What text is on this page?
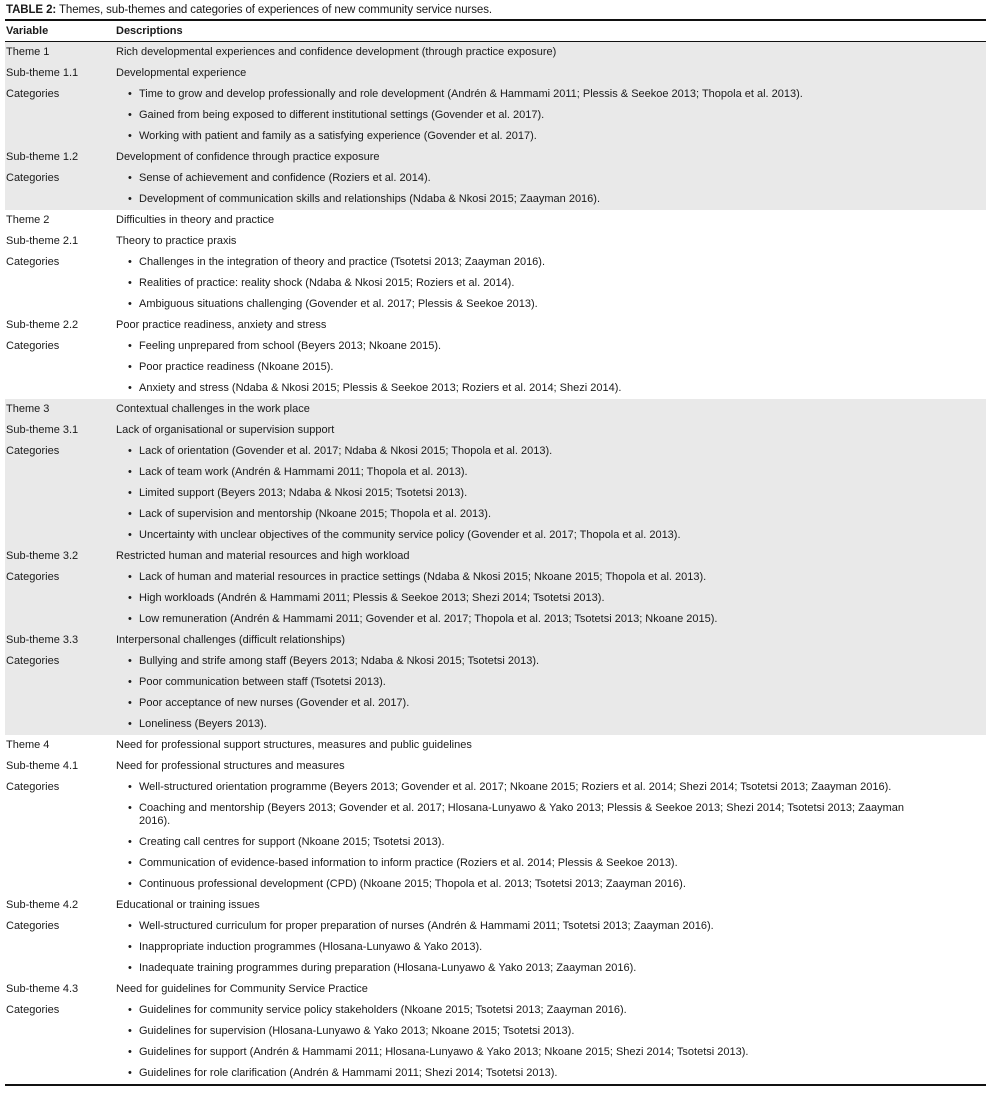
TABLE 2: Themes, sub-themes and categories of experiences of new community service nurses.
Variable	Descriptions
Theme 1	Rich developmental experiences and confidence development (through practice exposure)
Sub-theme 1.1	Developmental experience
Categories	• Time to grow and develop professionally and role development (Andrén & Hammami 2011; Plessis & Seekoe 2013; Thopola et al. 2013).

	• Gained from being exposed to different institutional settings (Govender et al. 2017).

	• Working with patient and family as a satisfying experience (Govender et al. 2017).

Sub-theme 1.2	Development of confidence through practice exposure
Categories	• Sense of achievement and confidence (Roziers et al. 2014).

	• Development of communication skills and relationships (Ndaba & Nkosi 2015; Zaayman 2016).

Theme 2	Difficulties in theory and practice
Sub-theme 2.1	Theory to practice praxis
Categories	• Challenges in the integration of theory and practice (Tsotetsi 2013; Zaayman 2016).

	• Realities of practice: reality shock (Ndaba & Nkosi 2015; Roziers et al. 2014).

	• Ambiguous situations challenging (Govender et al. 2017; Plessis & Seekoe 2013).

Sub-theme 2.2	Poor practice readiness, anxiety and stress
Categories	• Feeling unprepared from school (Beyers 2013; Nkoane 2015).

	• Poor practice readiness (Nkoane 2015).

	• Anxiety and stress (Ndaba & Nkosi 2015; Plessis & Seekoe 2013; Roziers et al. 2014; Shezi 2014).

Theme 3	Contextual challenges in the work place
Sub-theme 3.1	Lack of organisational or supervision support
Categories	• Lack of orientation (Govender et al. 2017; Ndaba & Nkosi 2015; Thopola et al. 2013).

	• Lack of team work (Andrén & Hammami 2011; Thopola et al. 2013).

	• Limited support (Beyers 2013; Ndaba & Nkosi 2015; Tsotetsi 2013).

	• Lack of supervision and mentorship (Nkoane 2015; Thopola et al. 2013).

	• Uncertainty with unclear objectives of the community service policy (Govender et al. 2017; Thopola et al. 2013).

Sub-theme 3.2	Restricted human and material resources and high workload
Categories	• Lack of human and material resources in practice settings (Ndaba & Nkosi 2015; Nkoane 2015; Thopola et al. 2013).

	• High workloads (Andrén & Hammami 2011; Plessis & Seekoe 2013; Shezi 2014; Tsotetsi 2013).

	• Low remuneration (Andrén & Hammami 2011; Govender et al. 2017; Thopola et al. 2013; Tsotetsi 2013; Nkoane 2015).

Sub-theme 3.3	Interpersonal challenges (difficult relationships)
Categories	• Bullying and strife among staff (Beyers 2013; Ndaba & Nkosi 2015; Tsotetsi 2013).

	• Poor communication between staff (Tsotetsi 2013).

	• Poor acceptance of new nurses (Govender et al. 2017).

	• Loneliness (Beyers 2013).

Theme 4	Need for professional support structures, measures and public guidelines
Sub-theme 4.1	Need for professional structures and measures
Categories	• Well-structured orientation programme (Beyers 2013; Govender et al. 2017; Nkoane 2015; Roziers et al. 2014; Shezi 2014; Tsotetsi 2013; Zaayman 2016).

	• Coaching and mentorship (Beyers 2013; Govender et al. 2017; Hlosana-Lunyawo & Yako 2013; Plessis & Seekoe 2013; Shezi 2014; Tsotetsi 2013; Zaayman 2016).

	• Creating call centres for support (Nkoane 2015; Tsotetsi 2013).

	• Communication of evidence-based information to inform practice (Roziers et al. 2014; Plessis & Seekoe 2013).

	• Continuous professional development (CPD) (Nkoane 2015; Thopola et al. 2013; Tsotetsi 2013; Zaayman 2016).

Sub-theme 4.2	Educational or training issues
Categories	• Well-structured curriculum for proper preparation of nurses (Andrén & Hammami 2011; Tsotetsi 2013; Zaayman 2016).

	• Inappropriate induction programmes (Hlosana-Lunyawo & Yako 2013).

	• Inadequate training programmes during preparation (Hlosana-Lunyawo & Yako 2013; Zaayman 2016).

Sub-theme 4.3	Need for guidelines for Community Service Practice
Categories	• Guidelines for community service policy stakeholders (Nkoane 2015; Tsotetsi 2013; Zaayman 2016).

	• Guidelines for supervision (Hlosana-Lunyawo & Yako 2013; Nkoane 2015; Tsotetsi 2013).

	• Guidelines for support (Andrén & Hammami 2011; Hlosana-Lunyawo & Yako 2013; Nkoane 2015; Shezi 2014; Tsotetsi 2013).

	• Guidelines for role clarification (Andrén & Hammami 2011; Shezi 2014; Tsotetsi 2013).
